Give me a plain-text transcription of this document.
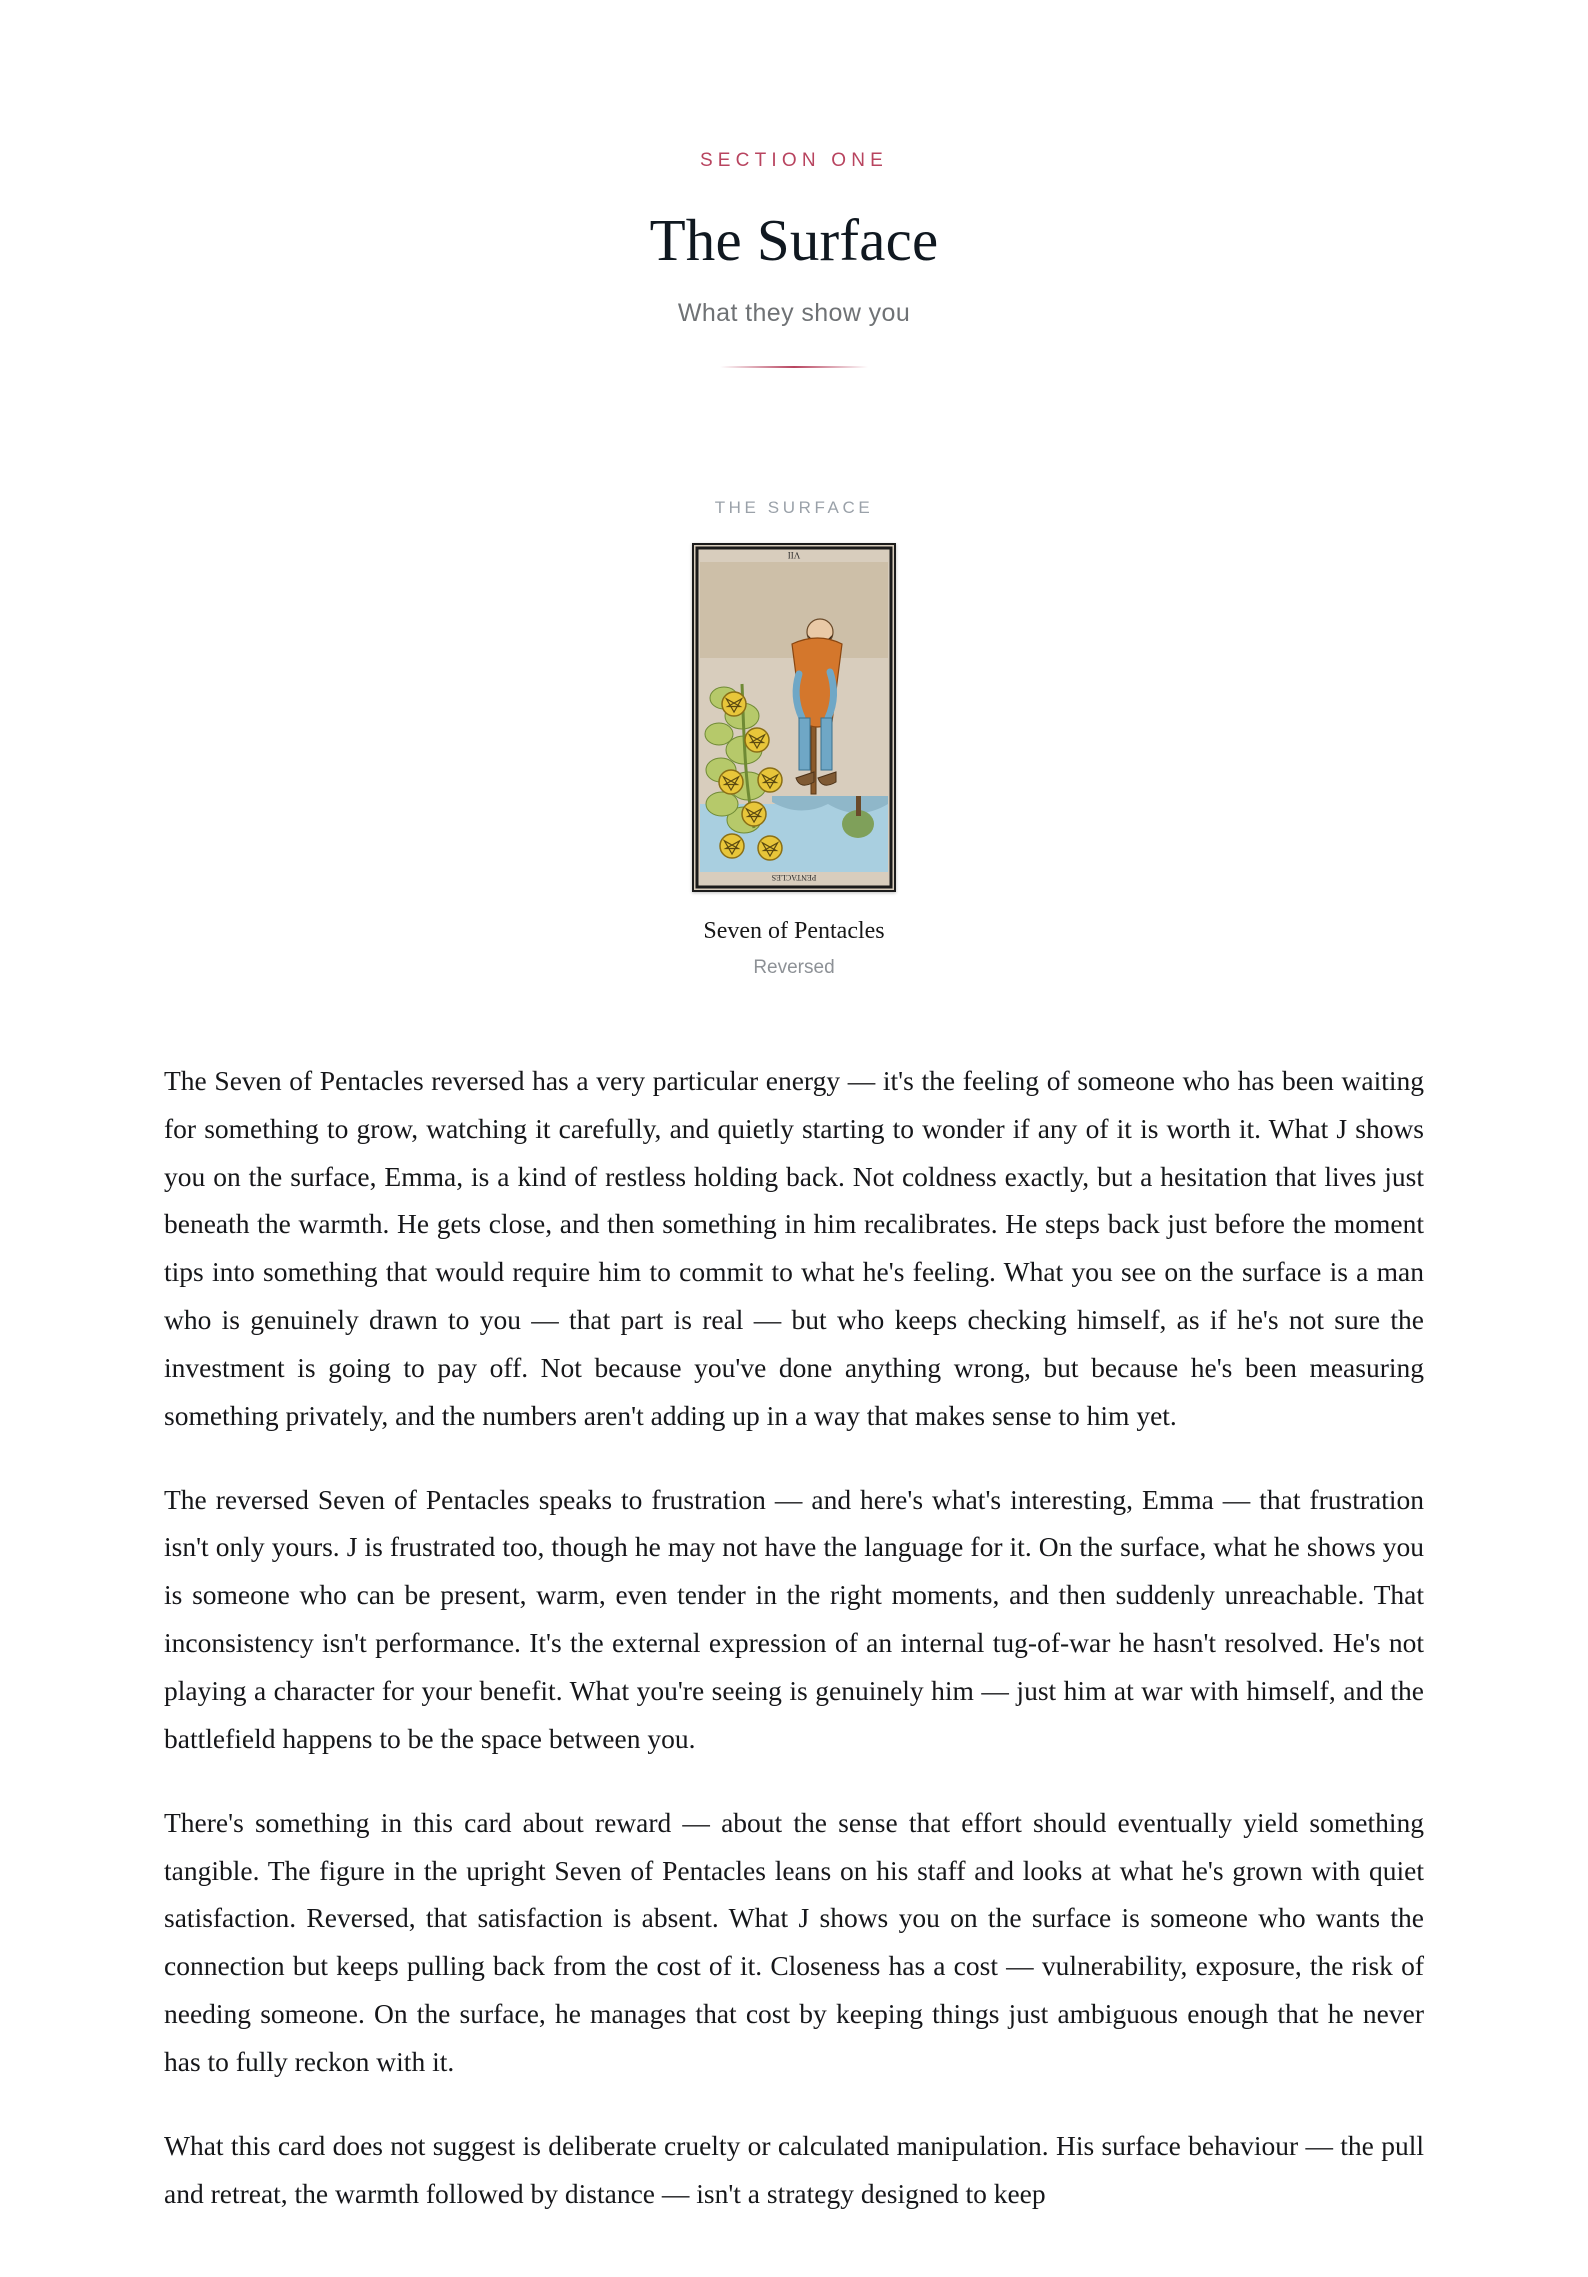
SECTION ONE
The Surface
What they show you
THE SURFACE
PENTACLES
VII
Seven of Pentacles
Reversed

The Seven of Pentacles reversed has a very particular energy — it's the feeling of someone who has been waiting for something to grow, watching it carefully, and quietly starting to wonder if any of it is worth it. What J shows you on the surface, Emma, is a kind of restless holding back. Not coldness exactly, but a hesitation that lives just beneath the warmth. He gets close, and then something in him recalibrates. He steps back just before the moment tips into something that would require him to commit to what he's feeling. What you see on the surface is a man who is genuinely drawn to you — that part is real — but who keeps checking himself, as if he's not sure the investment is going to pay off. Not because you've done anything wrong, but because he's been measuring something privately, and the numbers aren't adding up in a way that makes sense to him yet.

The reversed Seven of Pentacles speaks to frustration — and here's what's interesting, Emma — that frustration isn't only yours. J is frustrated too, though he may not have the language for it. On the surface, what he shows you is someone who can be present, warm, even tender in the right moments, and then suddenly unreachable. That inconsistency isn't performance. It's the external expression of an internal tug-of-war he hasn't resolved. He's not playing a character for your benefit. What you're seeing is genuinely him — just him at war with himself, and the battlefield happens to be the space between you.

There's something in this card about reward — about the sense that effort should eventually yield something tangible. The figure in the upright Seven of Pentacles leans on his staff and looks at what he's grown with quiet satisfaction. Reversed, that satisfaction is absent. What J shows you on the surface is someone who wants the connection but keeps pulling back from the cost of it. Closeness has a cost — vulnerability, exposure, the risk of needing someone. On the surface, he manages that cost by keeping things just ambiguous enough that he never has to fully reckon with it.

What this card does not suggest is deliberate cruelty or calculated manipulation. His surface behaviour — the pull and retreat, the warmth followed by distance — isn't a strategy designed to keep
